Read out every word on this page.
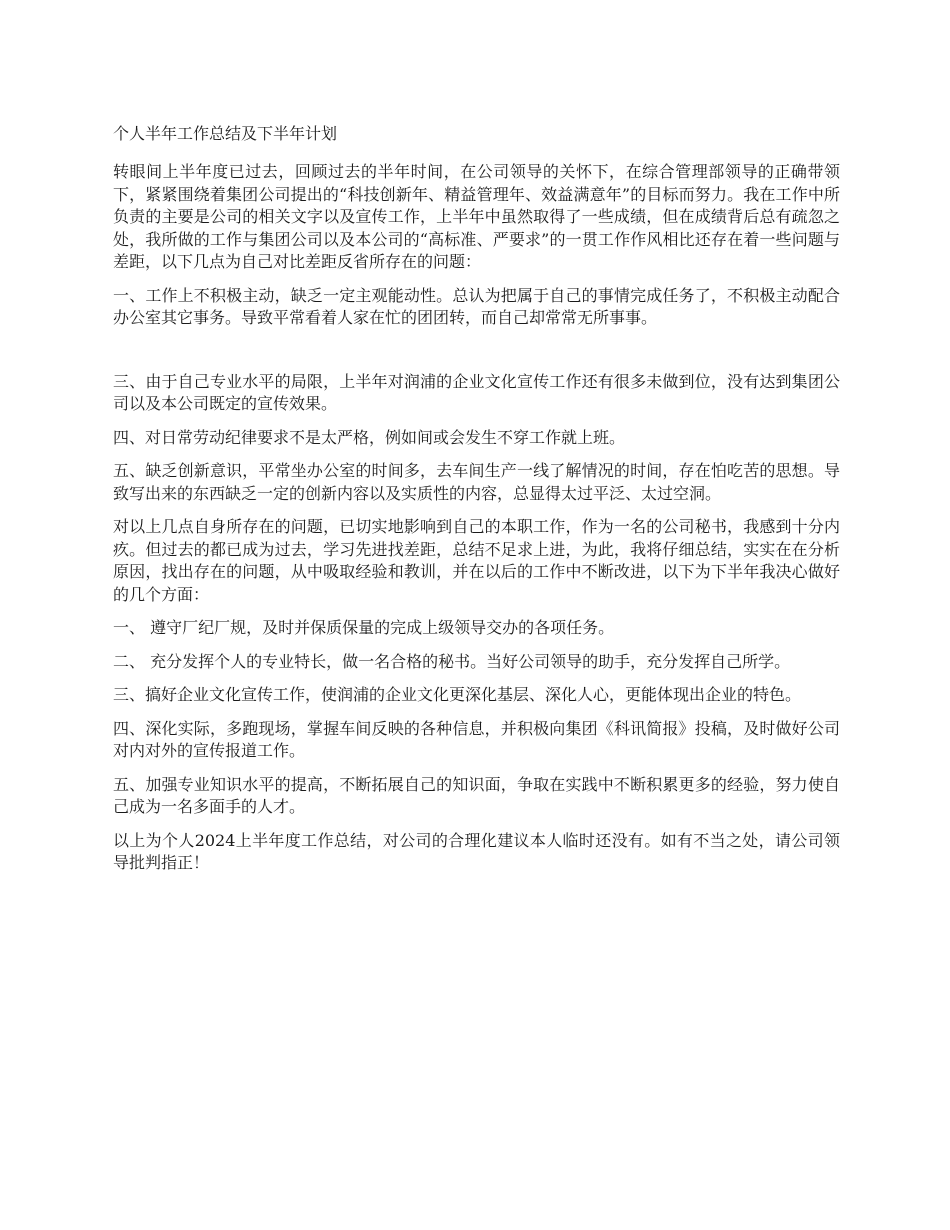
个人半年工作总结及下半年计划

转眼间上半年度已过去，回顾过去的半年时间，在公司领导的关怀下，在综合管理部领导的正确带领下，紧紧围绕着集团公司提出的“科技创新年、精益管理年、效益满意年”的目标而努力。我在工作中所负责的主要是公司的相关文字以及宣传工作，上半年中虽然取得了一些成绩，但在成绩背后总有疏忽之处，我所做的工作与集团公司以及本公司的“高标准、严要求”的一贯工作作风相比还存在着一些问题与差距，以下几点为自己对比差距反省所存在的问题：

一、工作上不积极主动，缺乏一定主观能动性。总认为把属于自己的事情完成任务了，不积极主动配合办公室其它事务。导致平常看着人家在忙的团团转，而自己却常常无所事事。

三、由于自己专业水平的局限，上半年对润浦的企业文化宣传工作还有很多未做到位，没有达到集团公司以及本公司既定的宣传效果。

四、对日常劳动纪律要求不是太严格，例如间或会发生不穿工作就上班。

五、缺乏创新意识，平常坐办公室的时间多，去车间生产一线了解情况的时间，存在怕吃苦的思想。导致写出来的东西缺乏一定的创新内容以及实质性的内容，总显得太过平泛、太过空洞。

对以上几点自身所存在的问题，已切实地影响到自己的本职工作，作为一名的公司秘书，我感到十分内疚。但过去的都已成为过去，学习先进找差距，总结不足求上进，为此，我将仔细总结，实实在在分析原因，找出存在的问题，从中吸取经验和教训，并在以后的工作中不断改进，以下为下半年我决心做好的几个方面：

一、 遵守厂纪厂规，及时并保质保量的完成上级领导交办的各项任务。

二、 充分发挥个人的专业特长，做一名合格的秘书。当好公司领导的助手，充分发挥自己所学。

三、搞好企业文化宣传工作，使润浦的企业文化更深化基层、深化人心，更能体现出企业的特色。

四、深化实际，多跑现场，掌握车间反映的各种信息，并积极向集团《科讯简报》投稿，及时做好公司对内对外的宣传报道工作。

五、加强专业知识水平的提高，不断拓展自己的知识面，争取在实践中不断积累更多的经验，努力使自己成为一名多面手的人才。

以上为个人2024上半年度工作总结，对公司的合理化建议本人临时还没有。如有不当之处，请公司领导批判指正！
